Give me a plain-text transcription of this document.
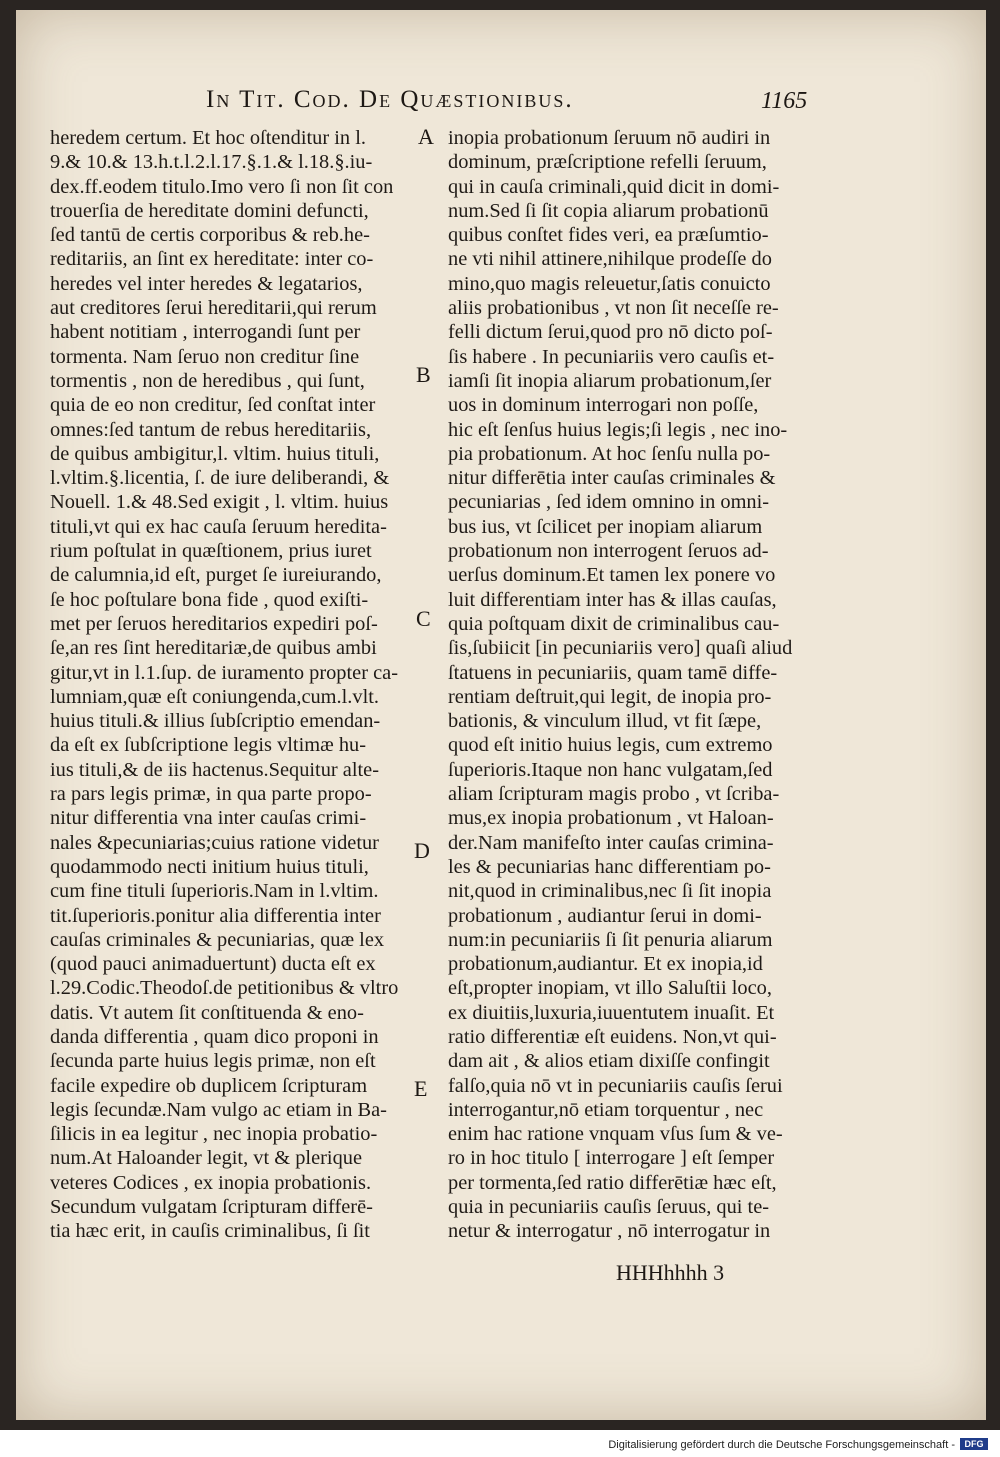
In Tit. Cod. De Quæstionibus.	1165
heredem certum. Et hoc oſtenditur in l.
9.& 10.& 13.h.t.l.2.l.17.§.1.& l.18.§.iu-
dex.ff.eodem titulo.Imo vero ſi non ſit con
trouerſia de hereditate domini defuncti,
ſed tantū de certis corporibus & reb.he-
reditariis, an ſint ex hereditate: inter co-
heredes vel inter heredes & legatarios,
aut creditores ſerui hereditarii,qui rerum
habent notitiam , interrogandi ſunt per
tormenta. Nam ſeruo non creditur ſine
tormentis , non de heredibus , qui ſunt,
quia de eo non creditur, ſed conſtat inter
omnes:ſed tantum de rebus hereditariis,
de quibus ambigitur,l. vltim. huius tituli,
l.vltim.§.licentia, ſ. de iure deliberandi, &
Nouell. 1.& 48.Sed exigit , l. vltim. huius
tituli,vt qui ex hac cauſa ſeruum heredita-
rium poſtulat in quæſtionem, prius iuret
de calumnia,id eſt, purget ſe iureiurando,
ſe hoc poſtulare bona fide , quod exiſti-
met per ſeruos hereditarios expediri poſ-
ſe,an res ſint hereditariæ,de quibus ambi
gitur,vt in l.1.ſup. de iuramento propter ca-
lumniam,quæ eſt coniungenda,cum.l.vlt.
huius tituli.& illius ſubſcriptio emendan-
da eſt ex ſubſcriptione legis vltimæ hu-
ius tituli,& de iis hactenus.Sequitur alte-
ra pars legis primæ, in qua parte propo-
nitur differentia vna inter cauſas crimi-
nales &pecuniarias;cuius ratione videtur
quodammodo necti initium huius tituli,
cum fine tituli ſuperioris.Nam in l.vltim.
tit.ſuperioris.ponitur alia differentia inter
cauſas criminales & pecuniarias, quæ lex
(quod pauci animaduertunt) ducta eſt ex
l.29.Codic.Theodoſ.de petitionibus & vltro
datis. Vt autem ſit conſtituenda & eno-
danda differentia , quam dico proponi in
ſecunda parte huius legis primæ, non eſt
facile expedire ob duplicem ſcripturam
legis ſecundæ.Nam vulgo ac etiam in Ba-
ſilicis in ea legitur , nec inopia probatio-
num.At Haloander legit, vt & plerique
veteres Codices , ex inopia probationis.
Secundum vulgatam ſcripturam differē-
tia hæc erit, in cauſis criminalibus, ſi ſit
inopia probationum ſeruum nō audiri in
dominum, præſcriptione refelli ſeruum,
qui in cauſa criminali,quid dicit in domi-
num.Sed ſi ſit copia aliarum probationū
quibus conſtet fides veri, ea præſumtio-
ne vti nihil attinere,nihilque prodeſſe do
mino,quo magis releuetur,ſatis conuicto
aliis probationibus , vt non ſit neceſſe re-
felli dictum ſerui,quod pro nō dicto poſ-
ſis habere . In pecuniariis vero cauſis et-
iamſi ſit inopia aliarum probationum,ſer
uos in dominum interrogari non poſſe,
hic eſt ſenſus huius legis;ſi legis , nec ino-
pia probationum. At hoc ſenſu nulla po-
nitur differētia inter cauſas criminales &
pecuniarias , ſed idem omnino in omni-
bus ius, vt ſcilicet per inopiam aliarum
probationum non interrogent ſeruos ad-
uerſus dominum.Et tamen lex ponere vo
luit differentiam inter has & illas cauſas,
quia poſtquam dixit de criminalibus cau-
ſis,ſubiicit [in pecuniariis vero] quaſi aliud
ſtatuens in pecuniariis, quam tamē diffe-
rentiam deſtruit,qui legit, de inopia pro-
bationis, & vinculum illud, vt fit ſæpe,
quod eſt initio huius legis, cum extremo
ſuperioris.Itaque non hanc vulgatam,ſed
aliam ſcripturam magis probo , vt ſcriba-
mus,ex inopia probationum , vt Haloan-
der.Nam manifeſto inter cauſas crimina-
les & pecuniarias hanc differentiam po-
nit,quod in criminalibus,nec ſi ſit inopia
probationum , audiantur ſerui in domi-
num:in pecuniariis ſi ſit penuria aliarum
probationum,audiantur. Et ex inopia,id
eſt,propter inopiam, vt illo Saluſtii loco,
ex diuitiis,luxuria,iuuentutem inuaſit. Et
ratio differentiæ eſt euidens. Non,vt qui-
dam ait , & alios etiam dixiſſe confingit
falſo,quia nō vt in pecuniariis cauſis ſerui
interrogantur,nō etiam torquentur , nec
enim hac ratione vnquam vſus ſum & ve-
ro in hoc titulo [ interrogare ] eſt ſemper
per tormenta,ſed ratio differētiæ hæc eſt,
quia in pecuniariis cauſis ſeruus, qui te-
netur & interrogatur , nō interrogatur in
A
B
C
D
E
HHHhhhh 3
Digitalisierung gefördert durch die Deutsche Forschungsgemeinschaft -	DFG
